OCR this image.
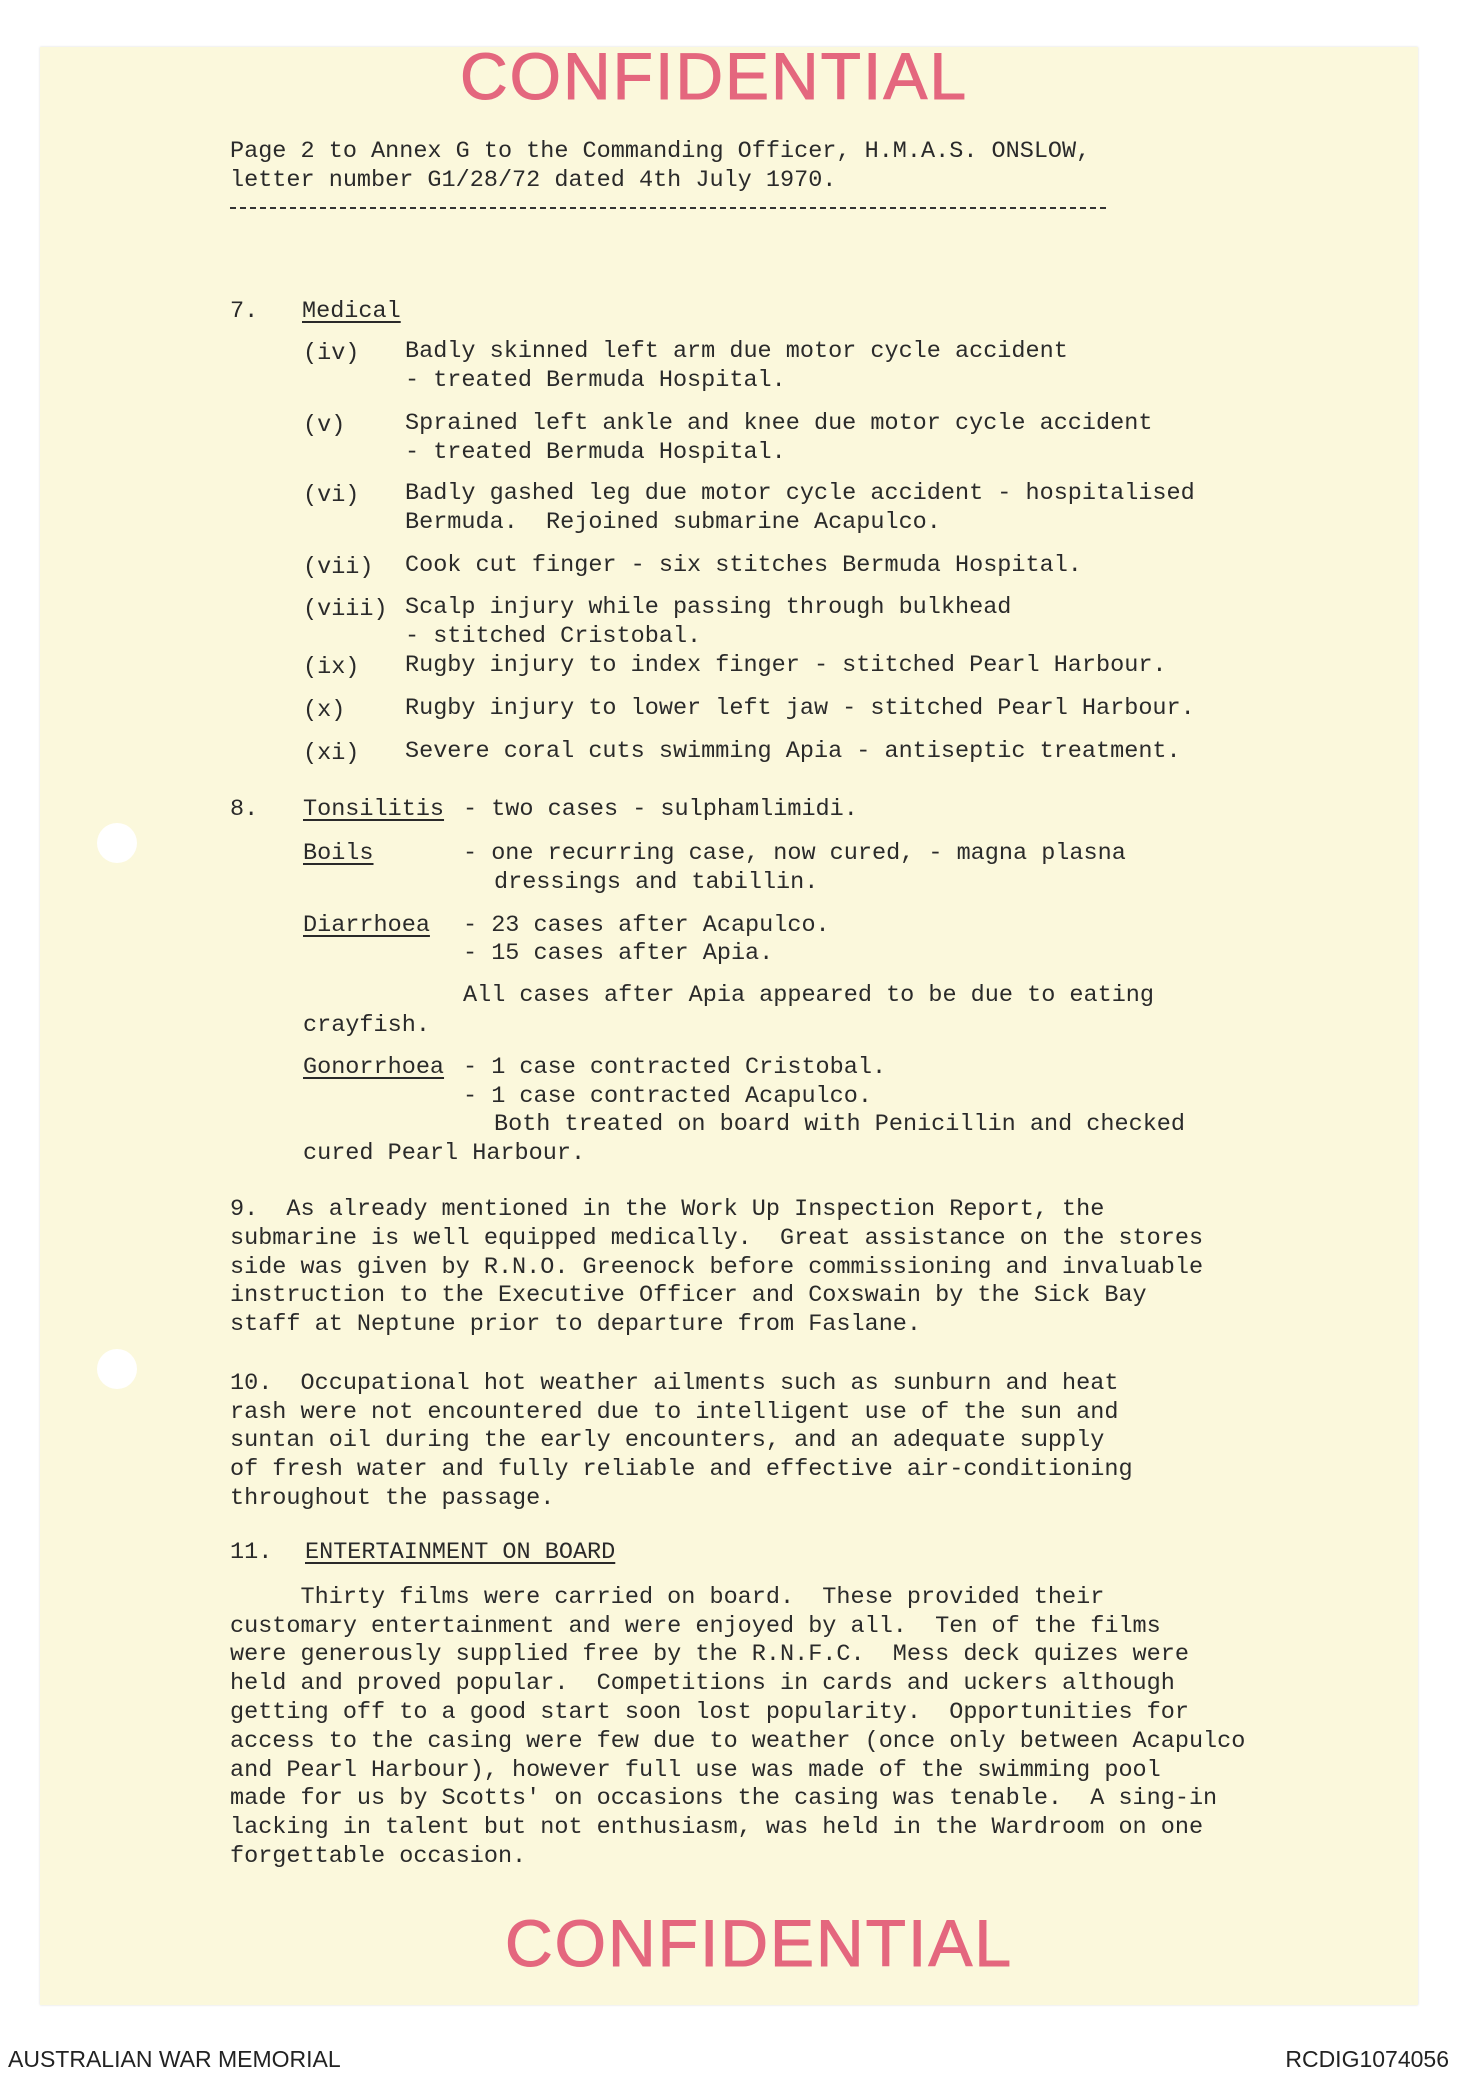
CONFIDENTIAL
Page 2 to Annex G to the Commanding Officer, H.M.A.S. ONSLOW,
letter number G1/28/72 dated 4th July 1970.
7. Medical
(iv) Badly skinned left arm due motor cycle accident
- treated Bermuda Hospital.
(v)	Sprained left ankle and knee due motor cycle accident
- treated Bermuda Hospital.
(vi) Badly gashed leg due motor cycle accident - hospitalised
Bermuda.  Rejoined submarine Acapulco.
(vii) Cook cut finger - six stitches Bermuda Hospital.
(viii) Scalp injury while passing through bulkhead
- stitched Cristobal.
(ix) Rugby injury to index finger - stitched Pearl Harbour.
(x)	Rugby injury to lower left jaw - stitched Pearl Harbour.
(xi) Severe coral cuts swimming Apia - antiseptic treatment.
8. Tonsilitis - two cases - sulphamlimidi.
Boils	- one recurring case, now cured, - magna plasna
dressings and tabillin.
Diarrhoea - 23 cases after Acapulco.
- 15 cases after Apia.
All cases after Apia appeared to be due to eating
crayfish.
Gonorrhoea - 1 case contracted Cristobal.
- 1 case contracted Acapulco.
Both treated on board with Penicillin and checked
cured Pearl Harbour.
9.  As already mentioned in the Work Up Inspection Report, the
submarine is well equipped medically.  Great assistance on the stores
side was given by R.N.O. Greenock before commissioning and invaluable
instruction to the Executive Officer and Coxswain by the Sick Bay
staff at Neptune prior to departure from Faslane.
10.  Occupational hot weather ailments such as sunburn and heat
rash were not encountered due to intelligent use of the sun and
suntan oil during the early encounters, and an adequate supply
of fresh water and fully reliable and effective air-conditioning
throughout the passage.
11. ENTERTAINMENT ON BOARD
Thirty films were carried on board.  These provided their
customary entertainment and were enjoyed by all.  Ten of the films
were generously supplied free by the R.N.F.C.  Mess deck quizes were
held and proved popular.  Competitions in cards and uckers although
getting off to a good start soon lost popularity.  Opportunities for
access to the casing were few due to weather (once only between Acapulco
and Pearl Harbour), however full use was made of the swimming pool
made for us by Scotts' on occasions the casing was tenable.  A sing-in
lacking in talent but not enthusiasm, was held in the Wardroom on one
forgettable occasion.
CONFIDENTIAL
AUSTRALIAN WAR MEMORIAL	RCDIG1074056
